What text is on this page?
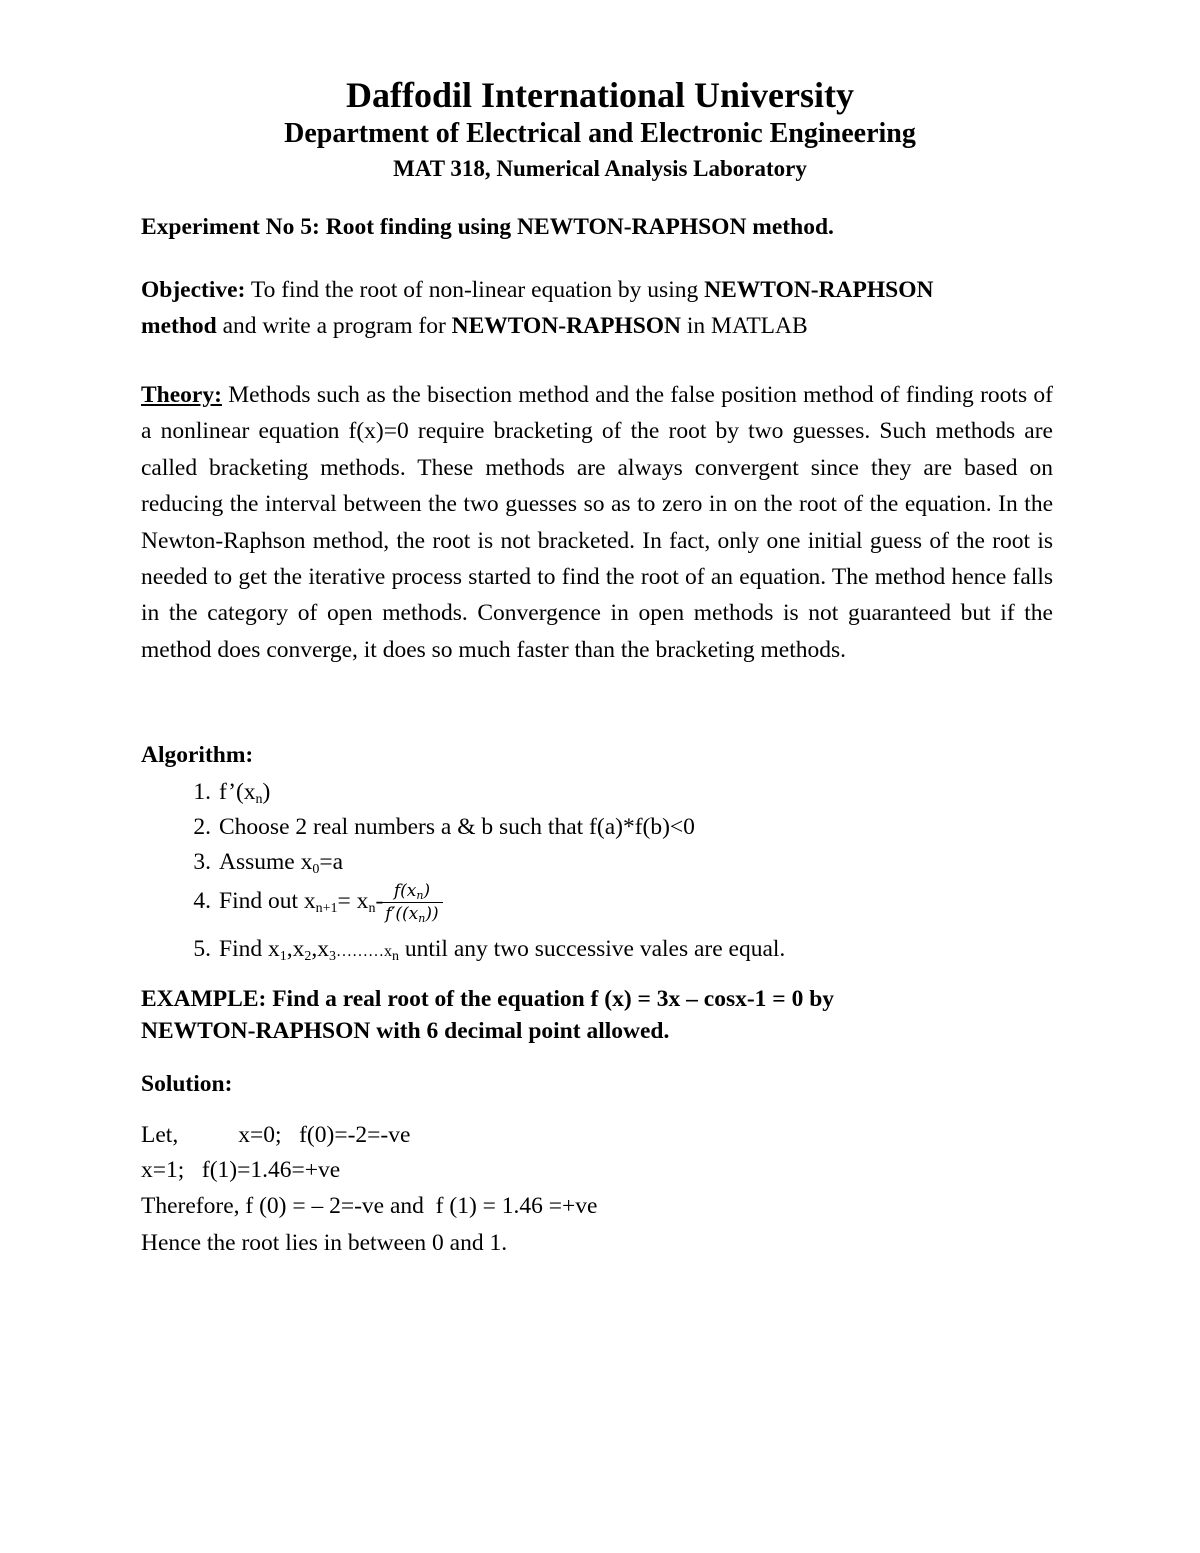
Daffodil International University
Department of Electrical and Electronic Engineering
MAT 318, Numerical Analysis Laboratory
Experiment No 5: Root finding using NEWTON-RAPHSON method.
Objective: To find the root of non-linear equation by using NEWTON-RAPHSON
method and write a program for NEWTON-RAPHSON in MATLAB
Theory: Methods such as the bisection method and the false position method of finding roots of a nonlinear equation f(x)=0 require bracketing of the root by two guesses. Such methods are called bracketing methods. These methods are always convergent since they are based on reducing the interval between the two guesses so as to zero in on the root of the equation. In the Newton-Raphson method, the root is not bracketed. In fact, only one initial guess of the root is needed to get the iterative process started to find the root of an equation. The method hence falls in the category of open methods. Convergence in open methods is not guaranteed but if the method does converge, it does so much faster than the bracketing methods.
Algorithm:
1. $f’(x_n)$
2. Choose 2 real numbers a & b such that f(a)*f(b)<0
3. Assume $x_0=a$
4. Find out $x_{n+1}= x_n-$
$\frac{f(x_n)}{f'((x_n))}$
5. Find $x_1,x_2,x_3\dots\dots\dots x_n$ until any two successive vales are equal.
EXAMPLE: Find a real root of the equation f (x) = 3x – cosx-1 = 0 by
NEWTON-RAPHSON with 6 decimal point allowed.
Solution:
Let,	x=0;   f(0)=-2=-ve
x=1;   f(1)=1.46=+ve
Therefore, f (0) = – 2=-ve and  f (1) = 1.46 =+ve
Hence the root lies in between 0 and 1.
